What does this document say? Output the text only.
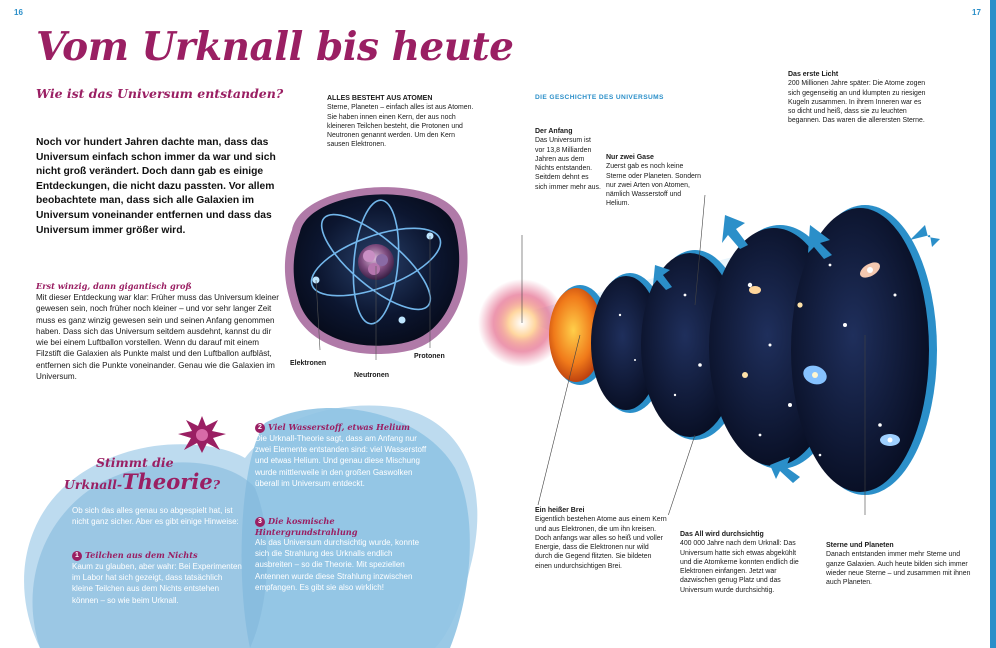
16	17
Vom Urknall bis heute
Wie ist das Universum entstanden?
Noch vor hundert Jahren dachte man, dass das Universum einfach schon immer da war und sich nicht groß verändert. Doch dann gab es einige Entdeckungen, die nicht dazu passten. Vor allem beobachtete man, dass sich alle Galaxien im Universum voneinander entfernen und dass das Universum immer größer wird.
Erst winzig, dann gigantisch groß
Mit dieser Entdeckung war klar: Früher muss das Universum kleiner gewesen sein, noch früher noch kleiner – und vor sehr langer Zeit muss es ganz winzig gewesen sein und seinen Anfang genommen haben. Dass sich das Universum seitdem ausdehnt, kannst du dir wie bei einem Luftballon vorstellen. Wenn du darauf mit einem Filzstift die Galaxien als Punkte malst und den Luftballon aufbläst, entfernen sich die Punkte voneinander. Genau wie die Galaxien im Universum.
ALLES BESTEHT AUS ATOMEN
Sterne, Planeten – einfach alles ist aus Atomen. Sie haben innen einen Kern, der aus noch kleineren Teilchen besteht, die Protonen und Neutronen genannt werden. Um den Kern sausen Elektronen.
Elektronen
Neutronen
Protonen
Stimmt die
Urknall-Theorie?
Ob sich das alles genau so abgespielt hat, ist nicht ganz sicher. Aber es gibt einige Hinweise:
1 Teilchen aus dem Nichts
Kaum zu glauben, aber wahr: Bei Experimenten im Labor hat sich gezeigt, dass tatsächlich kleine Teilchen aus dem Nichts entstehen können – so wie beim Urknall.
2 Viel Wasserstoff, etwas Helium
Die Urknall-Theorie sagt, dass am Anfang nur zwei Elemente entstanden sind: viel Wasserstoff und etwas Helium. Und genau diese Mischung wurde mittlerweile in den großen Gaswolken überall im Universum entdeckt.
3 Die kosmische Hintergrundstrahlung
Als das Universum durchsichtig wurde, konnte sich die Strahlung des Urknalls endlich ausbreiten – so die Theorie. Mit speziellen Antennen wurde diese Strahlung inzwischen empfangen. Es gibt sie also wirklich!
DIE GESCHICHTE DES UNIVERSUMS
Der Anfang
Das Universum ist vor 13,8 Milliarden Jahren aus dem Nichts entstanden. Seitdem dehnt es sich immer mehr aus.
Nur zwei Gase
Zuerst gab es noch keine Sterne oder Planeten. Sondern nur zwei Arten von Atomen, nämlich Wasserstoff und Helium.
Das erste Licht
200 Millionen Jahre später: Die Atome zogen sich gegenseitig an und klumpten zu riesigen Kugeln zusammen. In ihrem Inneren war es so dicht und heiß, dass sie zu leuchten begannen. Das waren die allerersten Sterne.
Ein heißer Brei
Eigentlich bestehen Atome aus einem Kern und aus Elektronen, die um ihn kreisen. Doch anfangs war alles so heiß und voller Energie, dass die Elektronen nur wild durch die Gegend flitzten. Sie bildeten einen undurchsichtigen Brei.
Das All wird durchsichtig
400 000 Jahre nach dem Urknall: Das Universum hatte sich etwas abgekühlt und die Atomkerne konnten endlich die Elektronen einfangen. Jetzt war dazwischen genug Platz und das Universum wurde durchsichtig.
Sterne und Planeten
Danach entstanden immer mehr Sterne und ganze Galaxien. Auch heute bilden sich immer wieder neue Sterne – und zusammen mit ihnen auch Planeten.
